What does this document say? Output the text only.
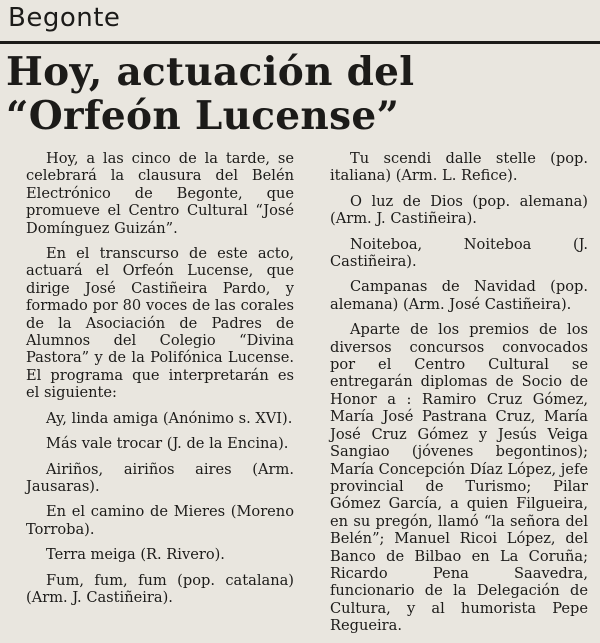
Begonte
Hoy, actuación del “Orfeón Lucense”

Hoy, a las cinco de la tarde, se celebrará la clausura del Belén Electrónico de Begonte, que promueve el Centro Cultural “José Domínguez Guizán”.

En el transcurso de este acto, actuará el Orfeón Lucense, que dirige José Castiñeira Pardo, y formado por 80 voces de las corales de la Asociación de Padres de Alumnos del Colegio “Divina Pastora” y de la Polifónica Lucense. El programa que interpretarán es el siguiente:

Ay, linda amiga (Anónimo s. XVI).

Más vale trocar (J. de la Encina).

Airiños, airiños aires (Arm. Jausaras).

En el camino de Mieres (Moreno Torroba).

Terra meiga (R. Rivero).

Fum, fum, fum (pop. catalana) (Arm. J. Castiñeira).

Tu scendi dalle stelle (pop. italiana) (Arm. L. Refice).

O luz de Dios (pop. alemana) (Arm. J. Castiñeira).

Noiteboa, Noiteboa (J. Castiñeira).

Campanas de Navidad (pop. alemana) (Arm. José Castiñeira).

Aparte de los premios de los diversos concursos convocados por el Centro Cultural se entregarán diplomas de Socio de Honor a : Ramiro Cruz Gómez, María José Pastrana Cruz, María José Cruz Gómez y Jesús Veiga Sangiao (jóvenes begontinos); María Concepción Díaz López, jefe provincial de Turismo; Pilar Gómez García, a quien Filgueira, en su pregón, llamó “la señora del Belén”; Manuel Ricoi López, del Banco de Bilbao en La Coruña; Ricardo Pena Saavedra, funcionario de la Delegación de Cultura, y al humorista Pepe Regueira.
